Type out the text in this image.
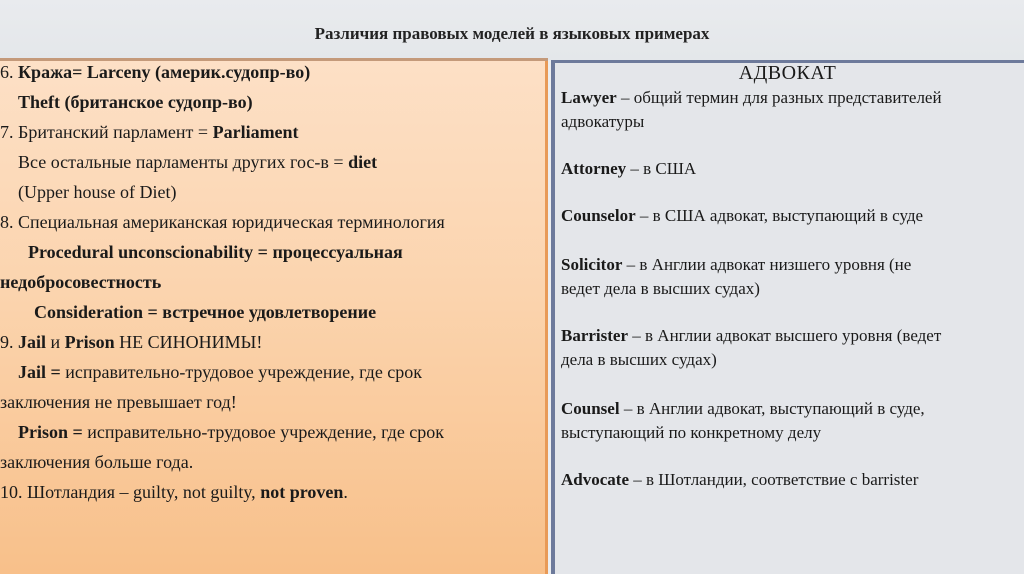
Различия правовых моделей в языковых примерах
6. Кража= Larceny (америк.судопр-во)
Theft (британское судопр-во)
7. Британский парламент = Parliament
Все остальные парламенты других гос-в = diet
(Upper house of Diet)
8. Специальная американская юридическая терминология
Procedural unconscionability = процессуальная
недобросовестность
Consideration = встречное удовлетворение
9. Jail и Prison НЕ СИНОНИМЫ!
Jail = исправительно-трудовое учреждение, где срок
заключения не превышает год!
Prison = исправительно-трудовое учреждение, где срок
заключения больше года.
10. Шотландия – guilty, not guilty, not proven.
АДВОКАТ
Lawyer – общий термин для разных представителей
адвокатуры
Attorney – в США
Counselor – в США адвокат, выступающий в суде
Solicitor – в Англии адвокат низшего уровня (не
ведет дела в высших судах)
Barrister – в Англии адвокат высшего уровня (ведет
дела в высших судах)
Counsel – в Англии адвокат, выступающий в суде,
выступающий по конкретному делу
Advocate – в Шотландии, соответствие с barrister
